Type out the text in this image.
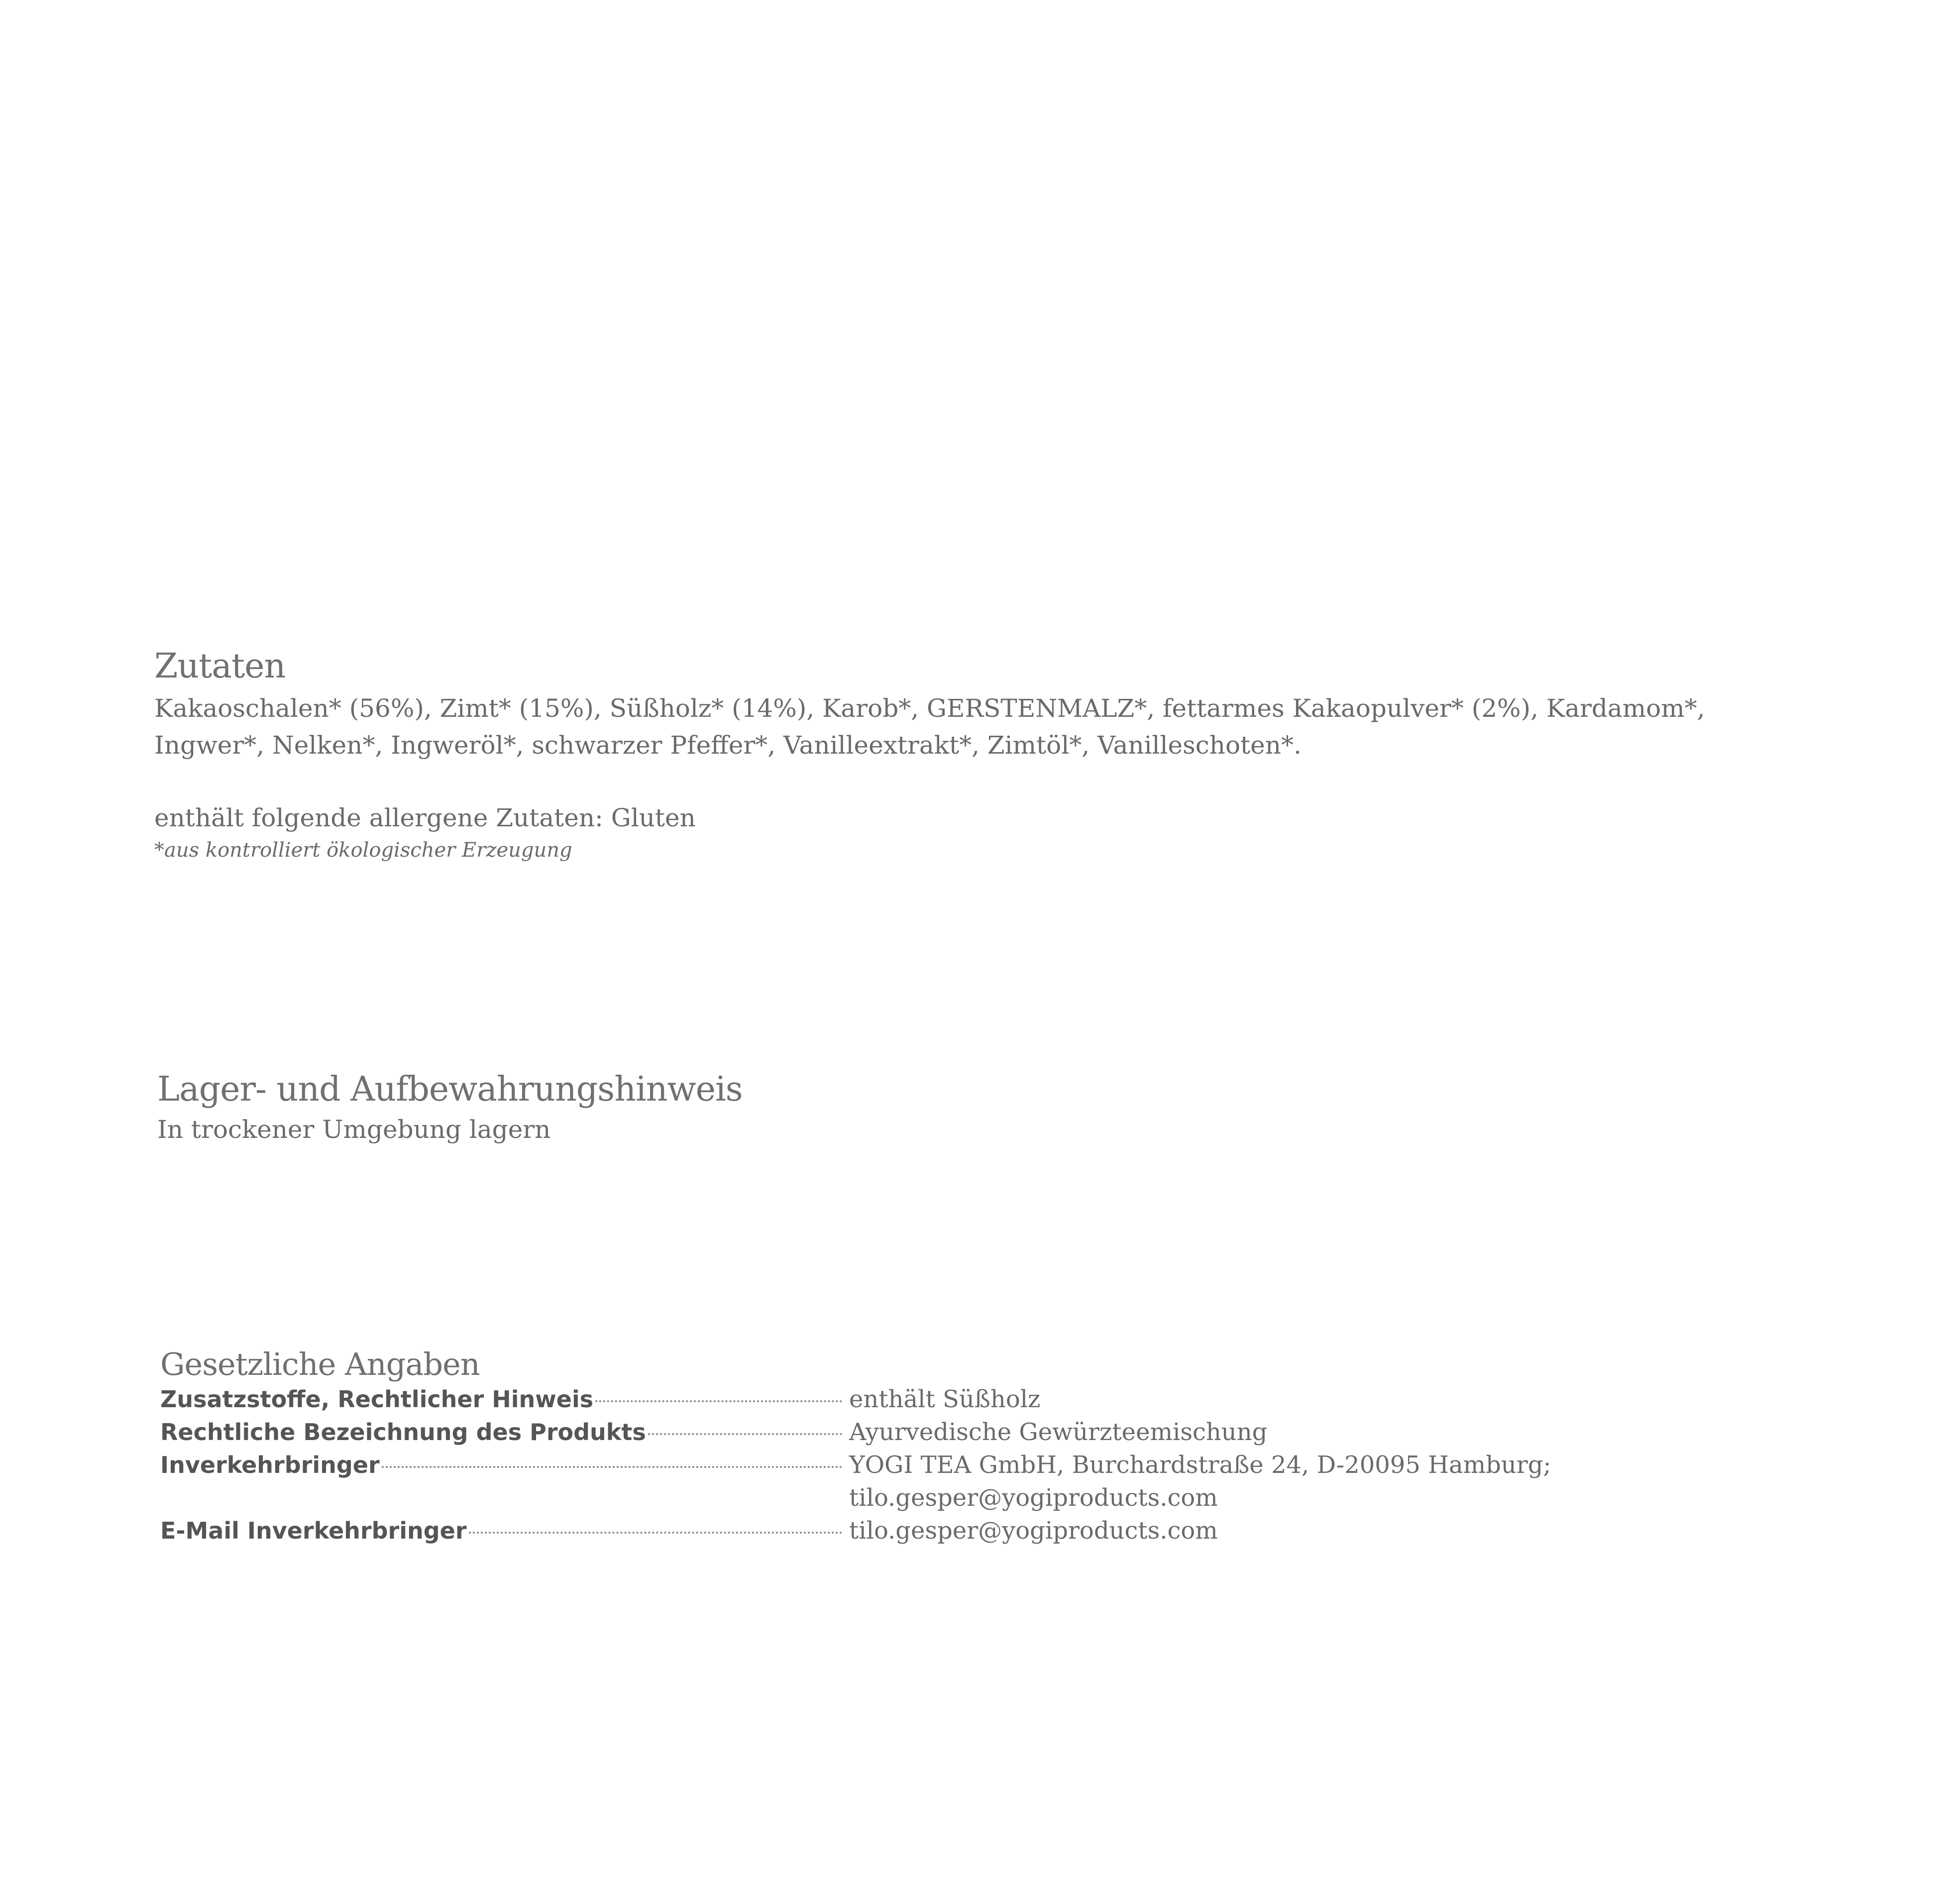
Zutaten

Kakaoschalen* (56%), Zimt* (15%), Süßholz* (14%), Karob*, GERSTENMALZ*, fettarmes Kakaopulver* (2%), Kardamom*, Ingwer*, Nelken*, Ingweröl*, schwarzer Pfeffer*, Vanilleextrakt*, Zimtöl*, Vanilleschoten*.

enthält folgende allergene Zutaten: Gluten

*aus kontrolliert ökologischer Erzeugung

Lager- und Aufbewahrungshinweis

In trockener Umgebung lagern

Gesetzliche Angaben
Zusatzstoffe, Rechtlicher Hinweis	enthält Süßholz
Rechtliche Bezeichnung des Produkts	Ayurvedische Gewürzteemischung
Inverkehrbringer	YOGI TEA GmbH, Burchardstraße 24, D-20095 Hamburg;
tilo.gesper@yogiproducts.com
E-Mail Inverkehrbringer	tilo.gesper@yogiproducts.com
